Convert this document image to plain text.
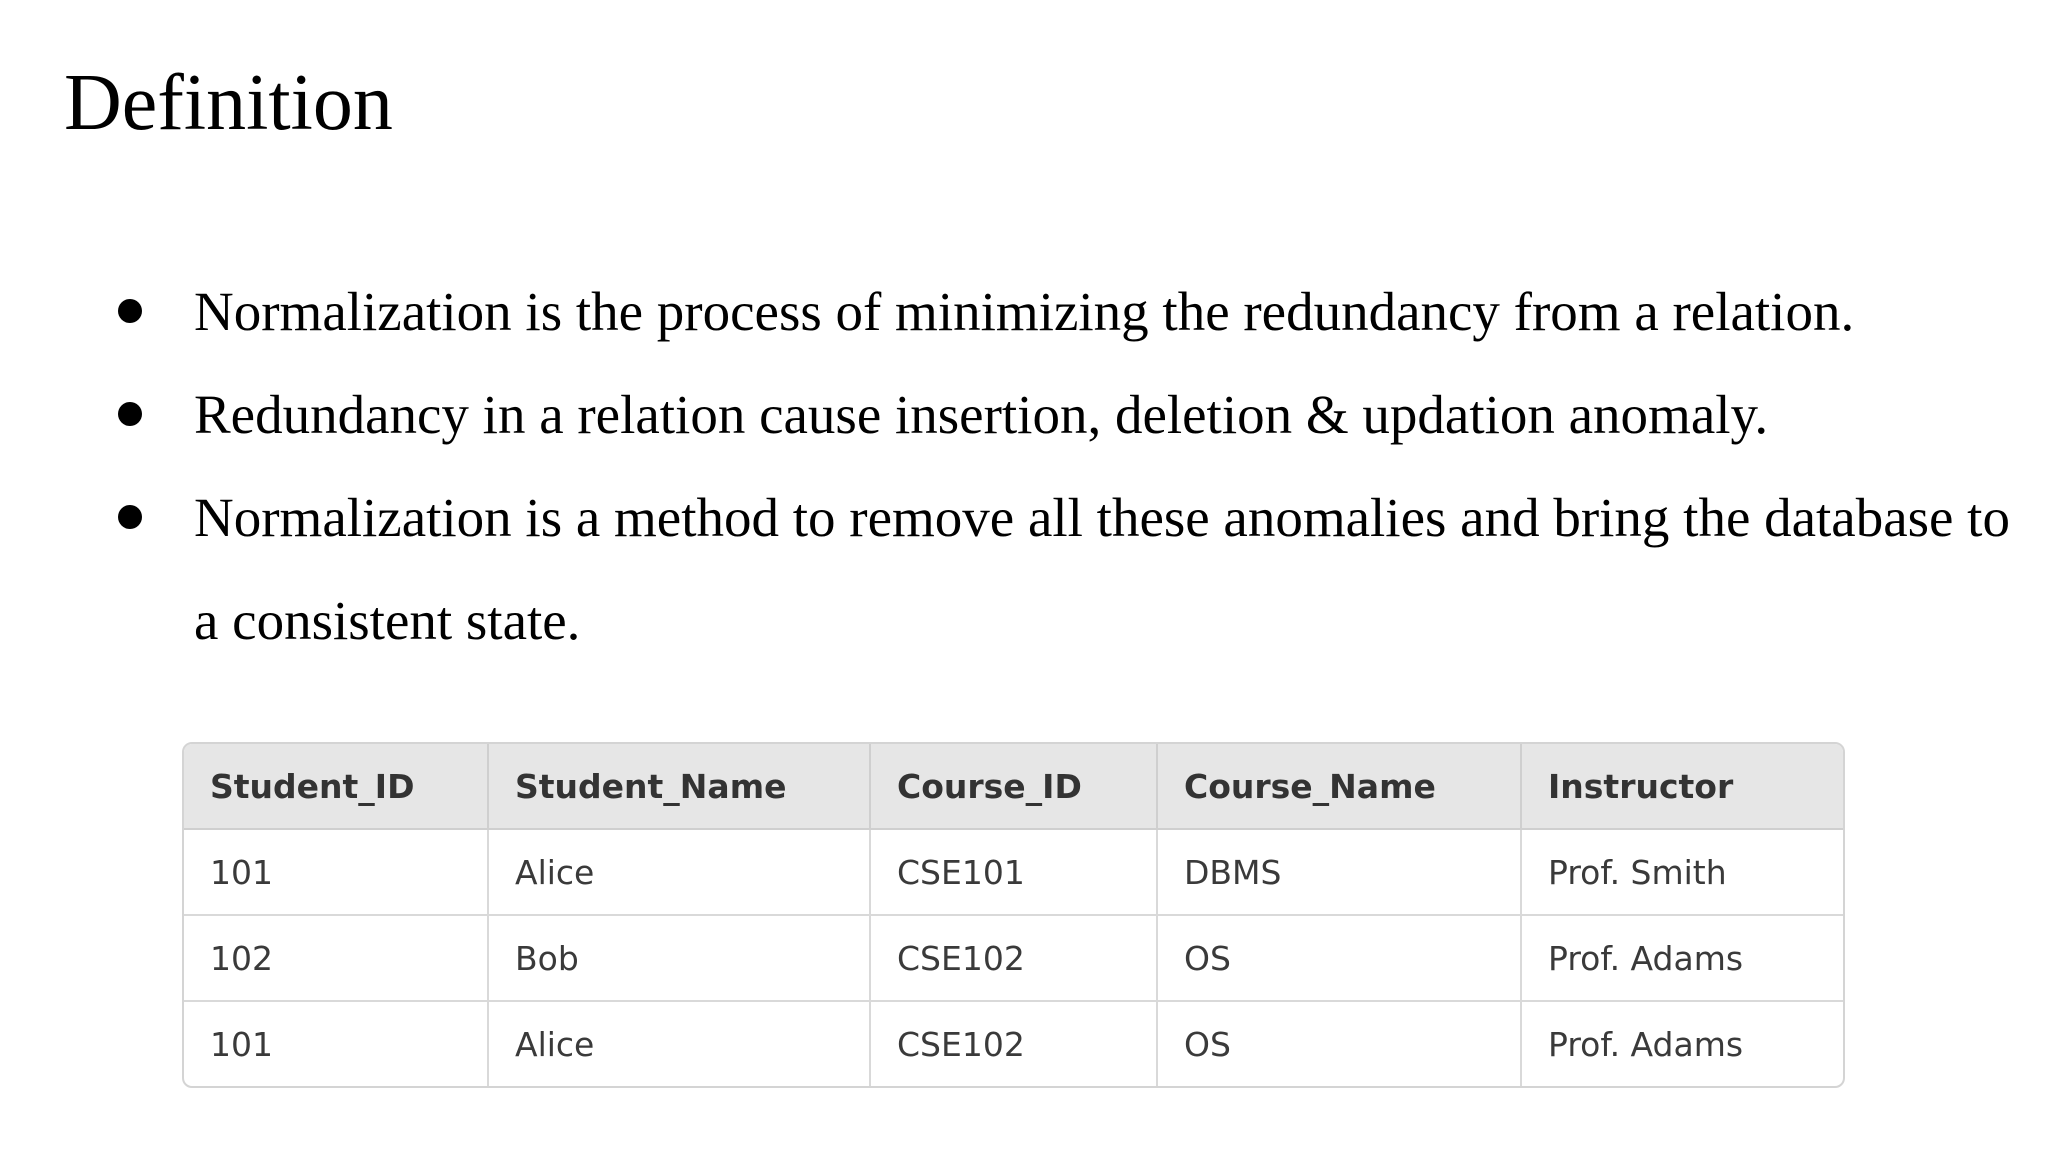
Definition
Normalization is the process of minimizing the redundancy from a relation.
Redundancy in a relation cause insertion, deletion & updation anomaly.
Normalization is a method to remove all these anomalies and bring the database to a consistent state.
Student_ID	Student_Name	Course_ID	Course_Name	Instructor
101	Alice	CSE101	DBMS	Prof. Smith
102	Bob	CSE102	OS	Prof. Adams
101	Alice	CSE102	OS	Prof. Adams
